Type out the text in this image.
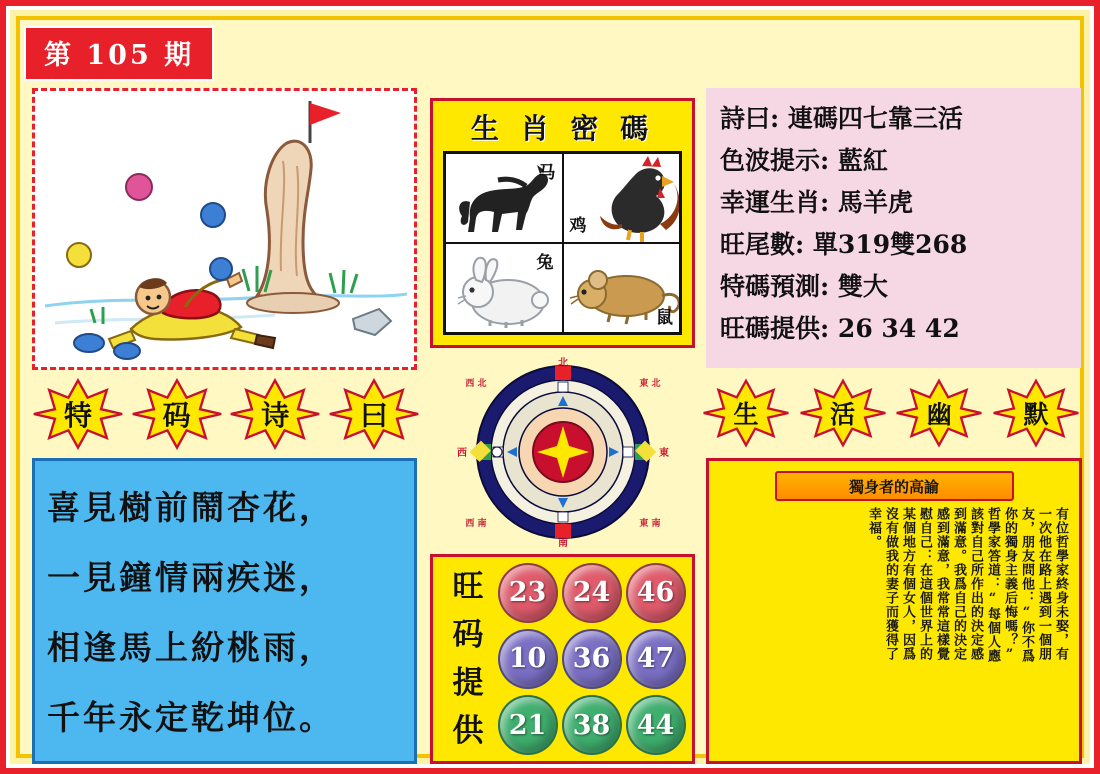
第 105 期
生 肖 密 碼
马
鸡
兔
鼠
詩曰: 連碼四七靠三活
色波提示: 藍紅
幸運生肖: 馬羊虎
旺尾數: 單319雙268
特碼預測: 雙大
旺碼提供: 26 34 42
特	码	诗	曰	生	活	幽	默
喜見樹前鬧杏花，
一見鐘情兩疾迷，
相逢馬上紛桃雨，
千年永定乾坤位。
北
南
東
西
西 北	東 北
西 南	東 南
旺
码
提
供
23 24 46
10 36 47
21 38 44
獨身者的高諭
有位哲學家終身未娶，有
一次他在路上遇到一個朋
友，朋友問他：“你不爲
你的獨身主義后悔嗎？”
哲學家答道：“每個人應
該對自己所作出的決定感
到滿意。我爲自己的決定
感到滿意，我常常這樣覺
慰自己：在這個世界上的
某個地方有個女人，因爲
沒有做我的妻子而獲得了
幸福。
